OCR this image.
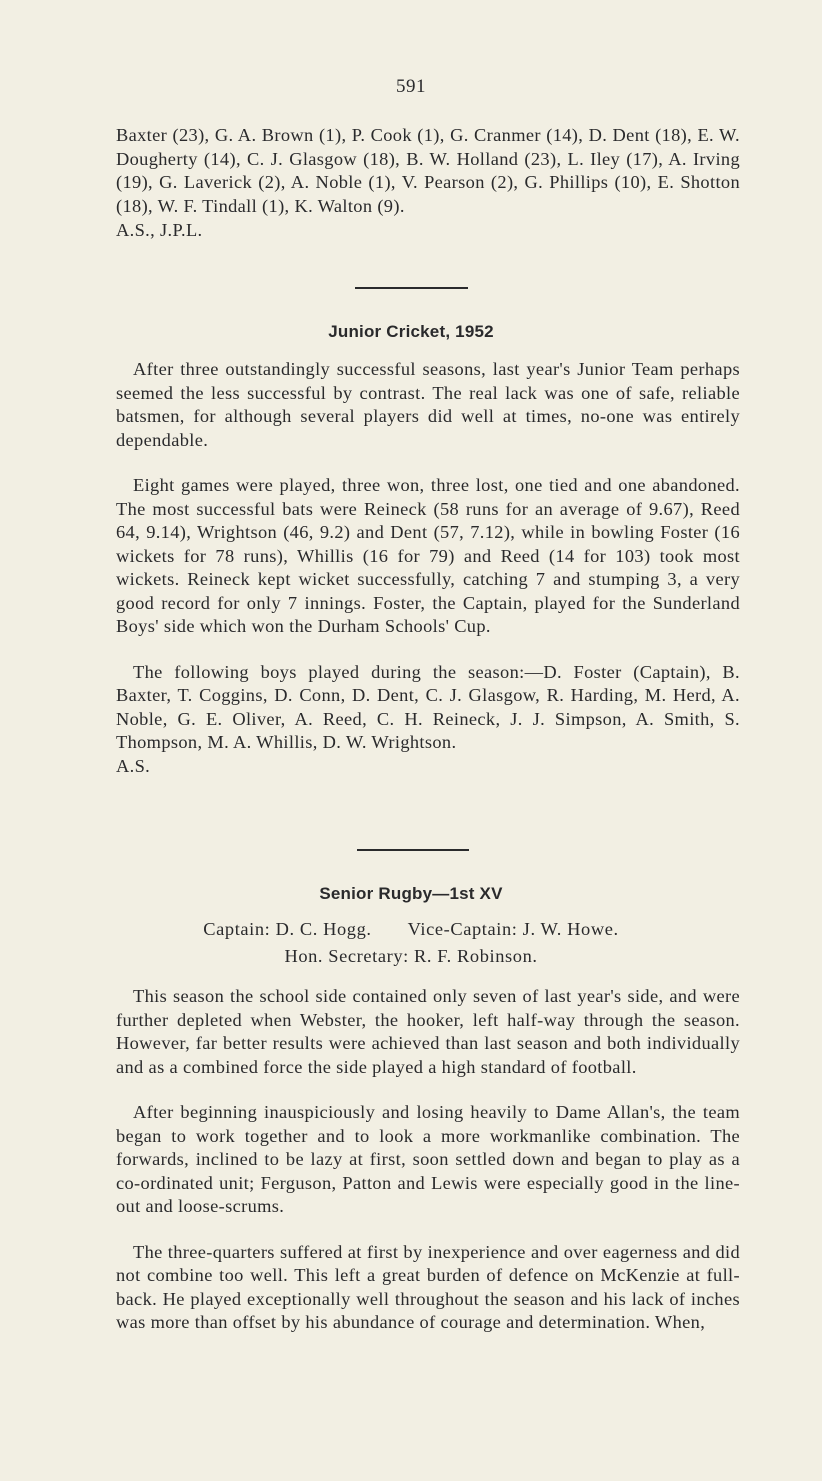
591

Baxter (23), G. A. Brown (1), P. Cook (1), G. Cranmer (14), D. Dent (18), E. W. Dougherty (14), C. J. Glasgow (18), B. W. Holland (23), L. Iley (17), A. Irving (19), G. Laverick (2), A. Noble (1), V. Pearson (2), G. Phillips (10), E. Shotton (18), W. F. Tindall (1), K. Walton (9).

A.S., J.P.L.

Junior Cricket, 1952

After three outstandingly successful seasons, last year's Junior Team perhaps seemed the less successful by contrast. The real lack was one of safe, reliable batsmen, for although several players did well at times, no-one was entirely dependable.

Eight games were played, three won, three lost, one tied and one abandoned. The most successful bats were Reineck (58 runs for an average of 9.67), Reed 64, 9.14), Wrightson (46, 9.2) and Dent (57, 7.12), while in bowling Foster (16 wickets for 78 runs), Whillis (16 for 79) and Reed (14 for 103) took most wickets. Reineck kept wicket successfully, catching 7 and stumping 3, a very good record for only 7 innings. Foster, the Captain, played for the Sunderland Boys' side which won the Durham Schools' Cup.

The following boys played during the season:—D. Foster (Captain), B. Baxter, T. Coggins, D. Conn, D. Dent, C. J. Glasgow, R. Harding, M. Herd, A. Noble, G. E. Oliver, A. Reed, C. H. Reineck, J. J. Simpson, A. Smith, S. Thompson, M. A. Whillis, D. W. Wrightson.

A.S.

Senior Rugby—1st XV
Captain: D. C. Hogg.       Vice-Captain: J. W. Howe.
Hon. Secretary: R. F. Robinson.

This season the school side contained only seven of last year's side, and were further depleted when Webster, the hooker, left half-way through the season. However, far better results were achieved than last season and both individually and as a combined force the side played a high standard of football.

After beginning inauspiciously and losing heavily to Dame Allan's, the team began to work together and to look a more workmanlike combination. The forwards, inclined to be lazy at first, soon settled down and began to play as a co-ordinated unit; Ferguson, Patton and Lewis were especially good in the line-out and loose-scrums.

The three-quarters suffered at first by inexperience and over eagerness and did not combine too well. This left a great burden of defence on McKenzie at full-back. He played exceptionally well throughout the season and his lack of inches was more than offset by his abundance of courage and determination. When,
